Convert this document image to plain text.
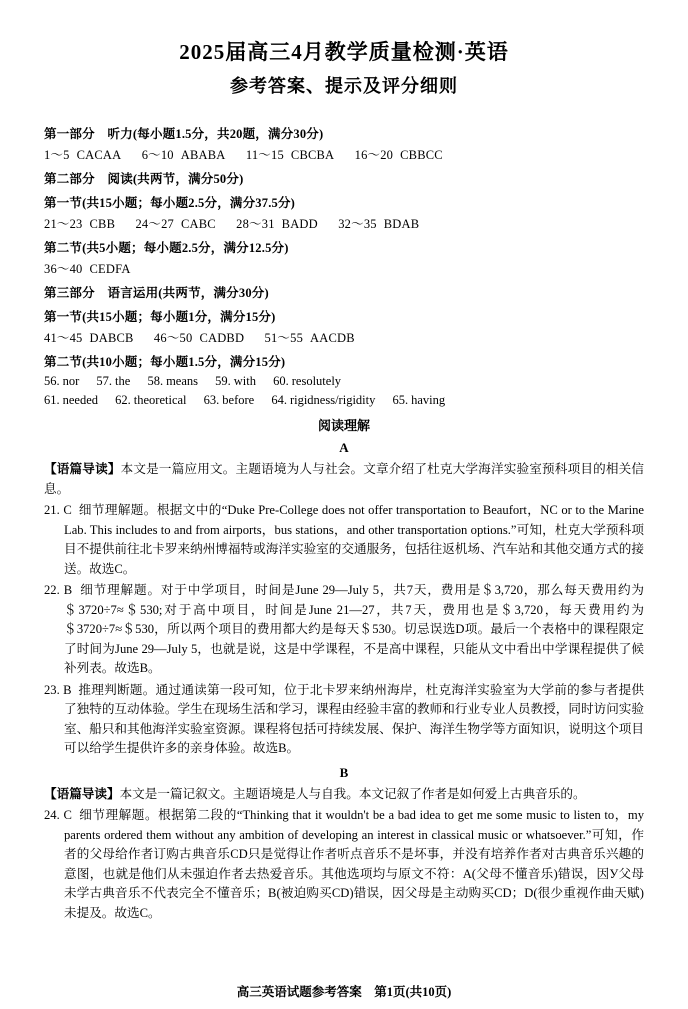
2025届高三4月教学质量检测·英语
参考答案、提示及评分细则
第一部分　听力(每小题1.5分，共20题，满分30分)
1～5 CACAA 6～10 ABABA 11～15 CBCBA 16～20 CBBCC
第二部分　阅读(共两节，满分50分)
第一节(共15小题；每小题2.5分，满分37.5分)
21～23 CBB 24～27 CABC 28～31 BADD 32～35 BDAB
第二节(共5小题；每小题2.5分，满分12.5分)
36～40 CEDFA
第三部分　语言运用(共两节，满分30分)
第一节(共15小题；每小题1分，满分15分)
41～45 DABCB 46～50 CADBD 51～55 AACDB
第二节(共10小题；每小题1.5分，满分15分)
56. nor 57. the 58. means 59. with 60. resolutely
61. needed 62. theoretical 63. before 64. rigidness/rigidity 65. having
阅读理解
A
【语篇导读】本文是一篇应用文。主题语境为人与社会。文章介绍了杜克大学海洋实验室预科项目的相关信息。
21. C 细节理解题。根据文中的“Duke Pre-College does not offer transportation to Beaufort，NC or to the Marine Lab. This includes to and from airports，bus stations，and other transportation options.”可知，杜克大学预科项目不提供前往北卡罗来纳州博福特或海洋实验室的交通服务，包括往返机场、汽车站和其他交通方式的接送。故选C。
22. B 细节理解题。对于中学项目，时间是June 29—July 5，共7天，费用是＄3,720，那么每天费用约为＄3720÷7≈＄530;对于高中项目，时间是June 21—27，共7天，费用也是＄3,720，每天费用约为＄3720÷7≈＄530，所以两个项目的费用都大约是每天＄530。切忌误选D项。最后一个表格中的课程限定了时间为June 29—July 5，也就是说，这是中学课程，不是高中课程，只能从文中看出中学课程提供了候补列表。故选B。
23. B 推理判断题。通过通读第一段可知，位于北卡罗来纳州海岸，杜克海洋实验室为大学前的参与者提供了独特的互动体验。学生在现场生活和学习，课程由经验丰富的教师和行业专业人员教授，同时访问实验室、船只和其他海洋实验室资源。课程将包括可持续发展、保护、海洋生物学等方面知识，说明这个项目可以给学生提供许多的亲身体验。故选B。
B
【语篇导读】本文是一篇记叙文。主题语境是人与自我。本文记叙了作者是如何爱上古典音乐的。
24. C 细节理解题。根据第二段的“Thinking that it wouldn't be a bad idea to get me some music to listen to，my parents ordered them without any ambition of developing an interest in classical music or whatsoever.”可知，作者的父母给作者订购古典音乐CD只是觉得让作者听点音乐不是坏事，并没有培养作者对古典音乐兴趣的意图，也就是他们从未强迫作者去热爱音乐。其他选项均与原文不符：A(父母不懂音乐)错误，因У父母未学古典音乐不代表完全不懂音乐；B(被迫购买CD)错误，因父母是主动购买CD；D(很少重视作曲天赋)未提及。故选C。
高三英语试题参考答案　第1页(共10页)
